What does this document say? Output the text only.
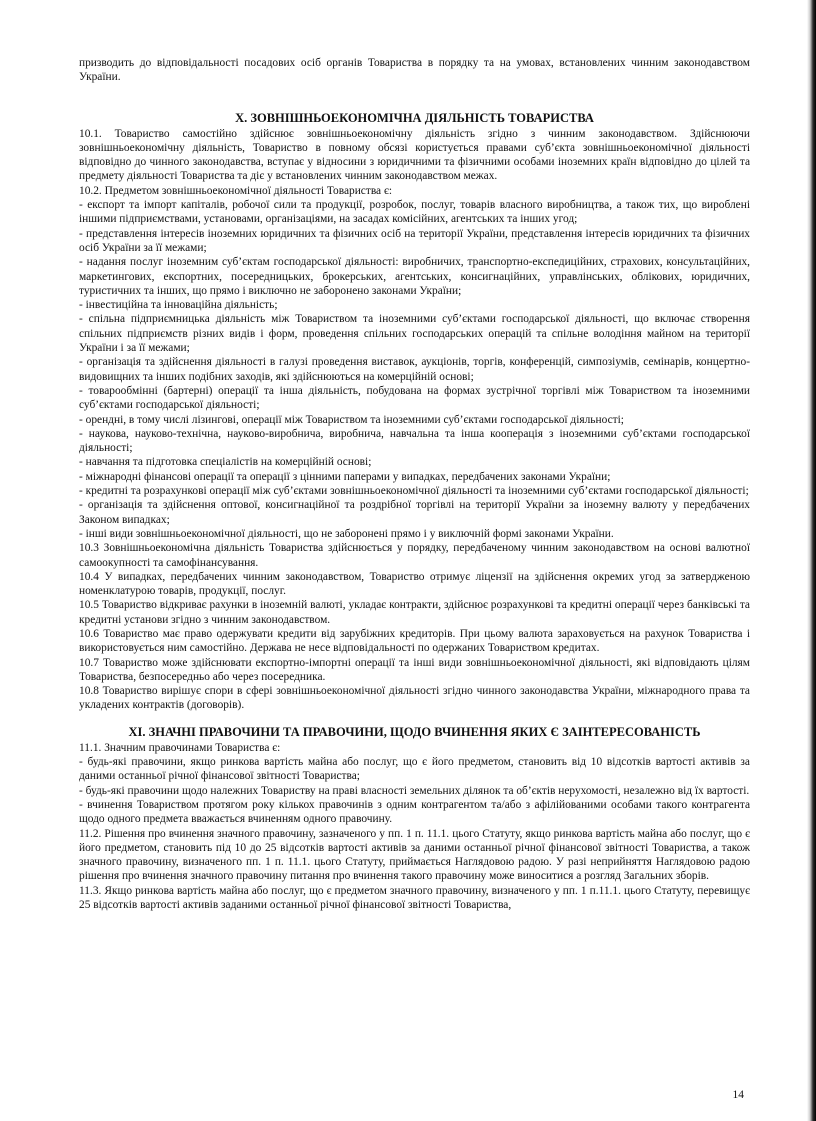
призводить до відповідальності посадових осіб органів Товариства в порядку та на умовах, встановлених чинним законодавством України.

X. ЗОВНІШНЬОЕКОНОМІЧНА ДІЯЛЬНІСТЬ ТОВАРИСТВА

10.1. Товариство самостійно здійснює зовнішньоекономічну діяльність згідно з чинним законодавством. Здійснюючи зовнішньоекономічну діяльність, Товариство в повному обсязі користується правами суб’єкта зовнішньоекономічної діяльності відповідно до чинного законодавства, вступає у відносини з юридичними та фізичними особами іноземних країн відповідно до цілей та предмету діяльності Товариства та діє у встановлених чинним законодавством межах.

10.2. Предметом зовнішньоекономічної діяльності Товариства є:

- експорт та імпорт капіталів, робочої сили та продукції, розробок, послуг, товарів власного виробництва, а також тих, що вироблені іншими підприємствами, установами, організаціями, на засадах комісійних, агентських та інших угод;

- представлення інтересів іноземних юридичних та фізичних осіб на території України, представлення інтересів юридичних та фізичних осіб України за її межами;

- надання послуг іноземним суб’єктам господарської діяльності: виробничих, транспортно-експедиційних, страхових, консультаційних, маркетингових, експортних, посередницьких, брокерських, агентських, консигнаційних, управлінських, облікових, юридичних, туристичних та інших, що прямо і виключно не заборонено законами України;

- інвестиційна та інноваційна діяльність;

- спільна підприємницька діяльність між Товариством та іноземними суб’єктами господарської діяльності, що включає створення спільних підприємств різних видів і форм, проведення спільних господарських операцій та спільне володіння майном на території України і за її межами;

- організація та здійснення діяльності в галузі проведення виставок, аукціонів, торгів, конференцій, симпозіумів, семінарів, концертно-видовищних та інших подібних заходів, які здійснюються на комерційній основі;

- товарообмінні (бартерні) операції та інша діяльність, побудована на формах зустрічної торгівлі між Товариством та іноземними суб’єктами господарської діяльності;

- орендні, в тому числі лізингові, операції між Товариством та іноземними суб’єктами господарської діяльності;

- наукова, науково-технічна, науково-виробнича, виробнича, навчальна та інша кооперація з іноземними суб’єктами господарської діяльності;

- навчання та підготовка спеціалістів на комерційній основі;

- міжнародні фінансові операції та операції з цінними паперами у випадках, передбачених законами України;

- кредитні та розрахункові операції між суб’єктами зовнішньоекономічної діяльності та іноземними суб’єктами господарської діяльності;

- організація та здійснення оптової, консигнаційної та роздрібної торгівлі на території України за іноземну валюту у передбачених Законом випадках;

- інші види зовнішньоекономічної діяльності, що не заборонені прямо і у виключній формі законами України.

10.3 Зовнішньоекономічна діяльність Товариства здійснюється у порядку, передбаченому чинним законодавством на основі валютної самоокупності та самофінансування.

10.4 У випадках, передбачених чинним законодавством, Товариство отримує ліцензії на здійснення окремих угод за затвердженою номенклатурою товарів, продукції, послуг.

10.5 Товариство відкриває рахунки в іноземній валюті, укладає контракти, здійснює розрахункові та кредитні операції через банківські та кредитні установи згідно з чинним законодавством.

10.6 Товариство має право одержувати кредити від зарубіжних кредиторів. При цьому валюта зараховується на рахунок Товариства і використовується ним самостійно. Держава не несе відповідальності по одержаних Товариством кредитах.

10.7 Товариство може здійснювати експортно-імпортні операції та інші види зовнішньоекономічної діяльності, які відповідають цілям Товариства, безпосередньо або через посередника.

10.8 Товариство вирішує спори в сфері зовнішньоекономічної діяльності згідно чинного законодавства України, міжнародного права та укладених контрактів (договорів).

XI. ЗНАЧНІ ПРАВОЧИНИ ТА ПРАВОЧИНИ, ЩОДО ВЧИНЕННЯ ЯКИХ Є ЗАІНТЕРЕСОВАНІСТЬ

11.1. Значним правочинами Товариства є:

- будь-які правочини, якщо ринкова вартість майна або послуг, що є його предметом, становить від 10 відсотків вартості активів за даними останньої річної фінансової звітності Товариства;

- будь-які правочини щодо належних Товариству на праві власності земельних ділянок та об’єктів нерухомості, незалежно від їх вартості.

- вчинення Товариством протягом року кількох правочинів з одним контрагентом та/або з афілійованими особами такого контрагента щодо одного предмета вважається вчиненням одного правочину.

11.2. Рішення про вчинення значного правочину, зазначеного у пп. 1 п. 11.1. цього Статуту, якщо ринкова вартість майна або послуг, що є його предметом, становить під 10 до 25 відсотків вартості активів за даними останньої річної фінансової звітності Товариства, а також значного правочину, визначеного пп. 1 п. 11.1. цього Статуту, приймається Наглядовою радою. У разі неприйняття Наглядовою радою рішення про вчинення значного правочину питання про вчинення такого правочину може виноситися а розгляд Загальних зборів.

11.3. Якщо ринкова вартість майна або послуг, що є предметом значного правочину, визначеного у пп. 1 п.11.1. цього Статуту, перевищує 25 відсотків вартості активів заданими останньої річної фінансової звітності Товариства,

14
